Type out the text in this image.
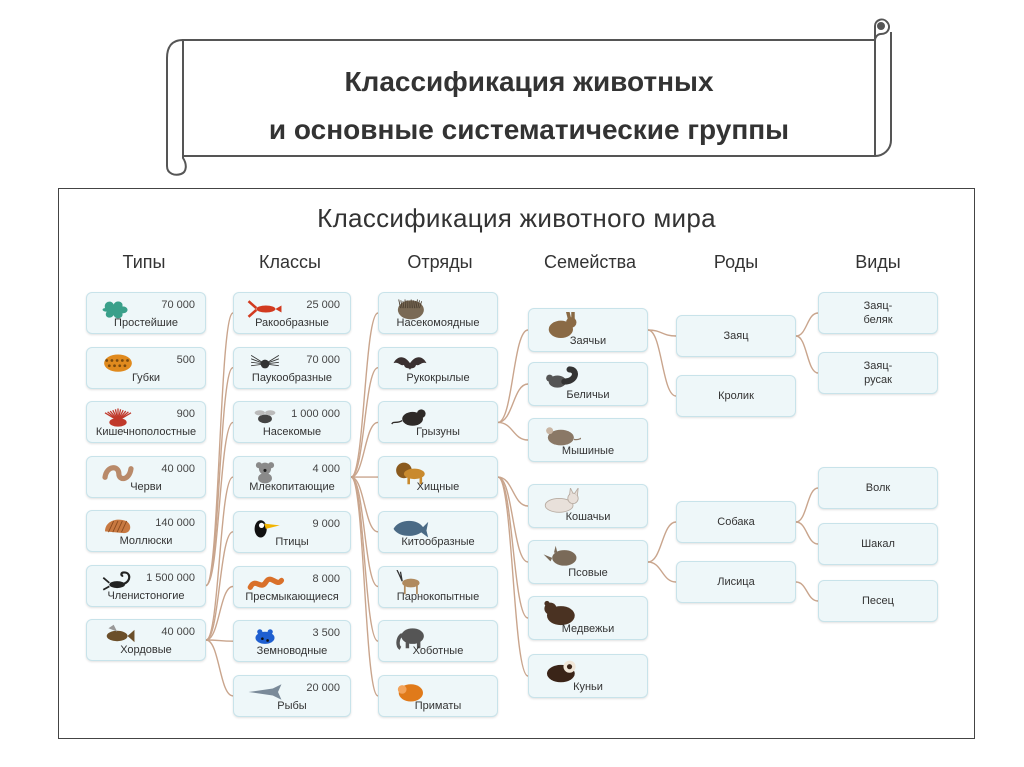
Классификация животных
и основные систематические группы
Классификация животного мира
Типы	Классы	Отряды	Семейства	Роды	Виды
70 000
Простейшие
500
Губки
900
Кишечнополостные
40 000
Черви
140 000
Моллюски
1 500 000
Членистоногие
40 000
Хордовые
25 000
Ракообразные
70 000
Паукообразные
1 000 000
Насекомые
4 000
Млекопитающие
9 000
Птицы
8 000
Пресмыкающиеся
3 500
Земноводные
20 000
Рыбы
Насекомоядные
Рукокрылые
Грызуны
Хищные
Китообразные
Парнокопытные
Хоботные
Приматы
Заячьи
Беличьи
Мышиные
Кошачьи
Псовые
Медвежьи
Куньи
Заяц
Кролик
Собака
Лисица
Заяц-
беляк
Заяц-
русак
Волк
Шакал
Песец
